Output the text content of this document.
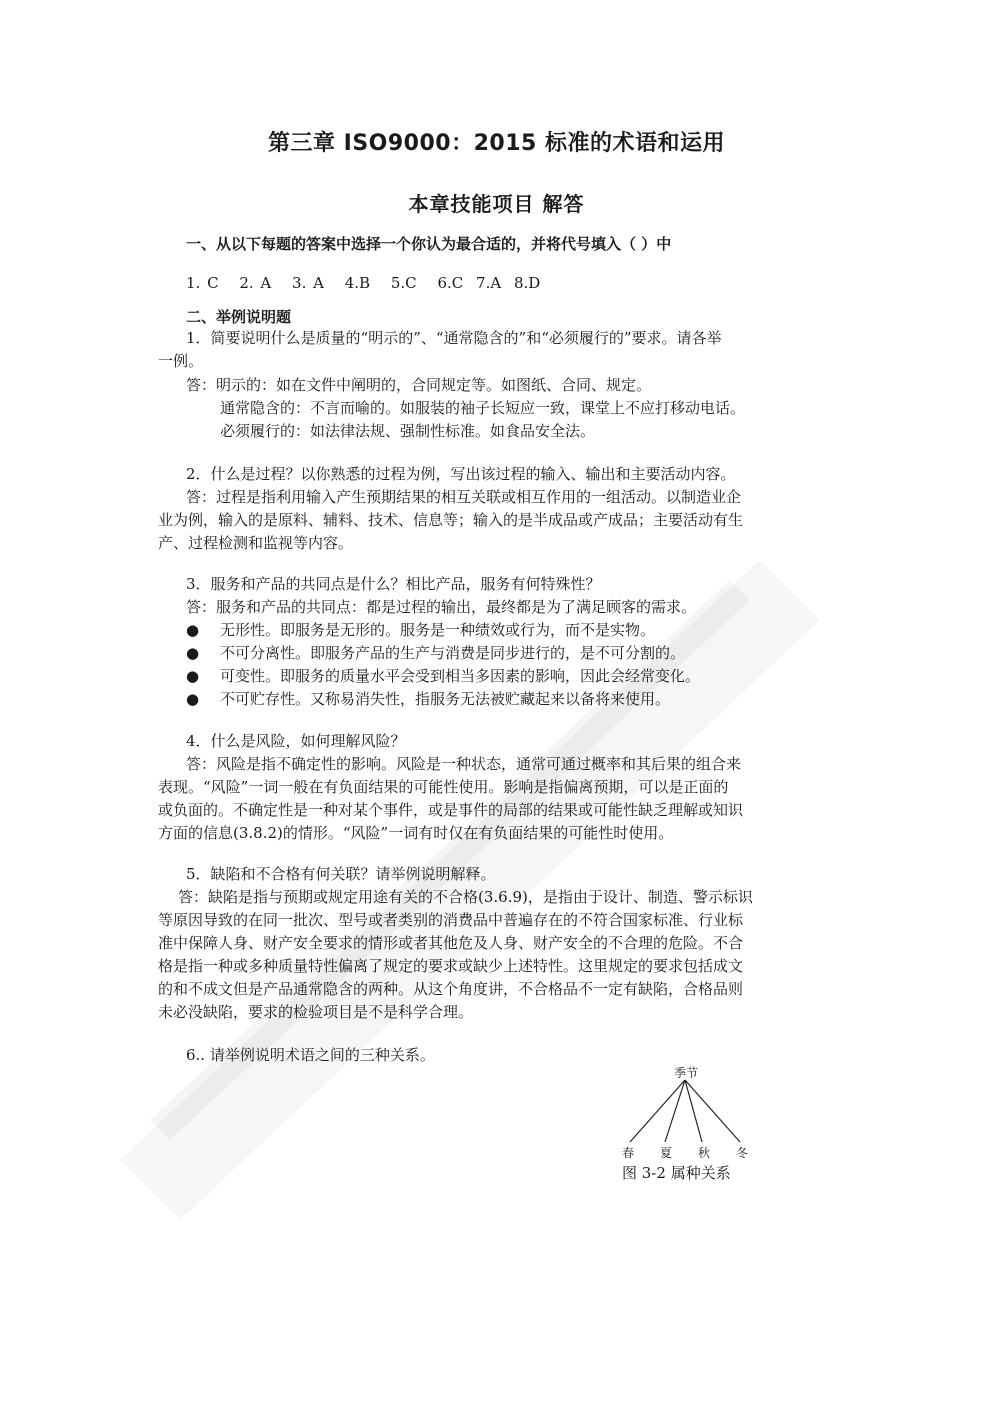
第三章 ISO9000：2015 标准的术语和运用
本章技能项目 解答
一、从以下每题的答案中选择一个你认为最合适的，并将代号填入（ ）中
1. C 2. A 3. A 4.B 5.C 6.C 7.A 8.D
二、举例说明题
1．简要说明什么是质量的“明示的”、“通常隐含的”和“必须履行的”要求。请各举
一例。
答：明示的：如在文件中阐明的，合同规定等。如图纸、合同、规定。
通常隐含的：不言而喻的。如服装的袖子长短应一致，课堂上不应打移动电话。
必须履行的：如法律法规、强制性标准。如食品安全法。
2．什么是过程？以你熟悉的过程为例，写出该过程的输入、输出和主要活动内容。
答：过程是指利用输入产生预期结果的相互关联或相互作用的一组活动。以制造业企
业为例，输入的是原料、辅料、技术、信息等；输入的是半成品或产成品；主要活动有生
产、过程检测和监视等内容。
3．服务和产品的共同点是什么？相比产品，服务有何特殊性？
答：服务和产品的共同点：都是过程的输出，最终都是为了满足顾客的需求。
● 无形性。即服务是无形的。服务是一种绩效或行为，而不是实物。
● 不可分离性。即服务产品的生产与消费是同步进行的，是不可分割的。
● 可变性。即服务的质量水平会受到相当多因素的影响，因此会经常变化。
● 不可贮存性。又称易消失性，指服务无法被贮藏起来以备将来使用。
4．什么是风险，如何理解风险？
答：风险是指不确定性的影响。风险是一种状态，通常可通过概率和其后果的组合来
表现。“风险”一词一般在有负面结果的可能性使用。影响是指偏离预期，可以是正面的
或负面的。不确定性是一种对某个事件，或是事件的局部的结果或可能性缺乏理解或知识
方面的信息(3.8.2)的情形。“风险”一词有时仅在有负面结果的可能性时使用。
5．缺陷和不合格有何关联？请举例说明解释。
答：缺陷是指与预期或规定用途有关的不合格(3.6.9)，是指由于设计、制造、警示标识
等原因导致的在同一批次、型号或者类别的消费品中普遍存在的不符合国家标准、行业标
准中保障人身、财产安全要求的情形或者其他危及人身、财产安全的不合理的危险。不合
格是指一种或多种质量特性偏离了规定的要求或缺少上述特性。这里规定的要求包括成文
的和不成文但是产品通常隐含的两种。从这个角度讲，不合格品不一定有缺陷，合格品则
未必没缺陷，要求的检验项目是不是科学合理。
6.. 请举例说明术语之间的三种关系。
季节
春 夏 秋 冬
图 3-2 属种关系
